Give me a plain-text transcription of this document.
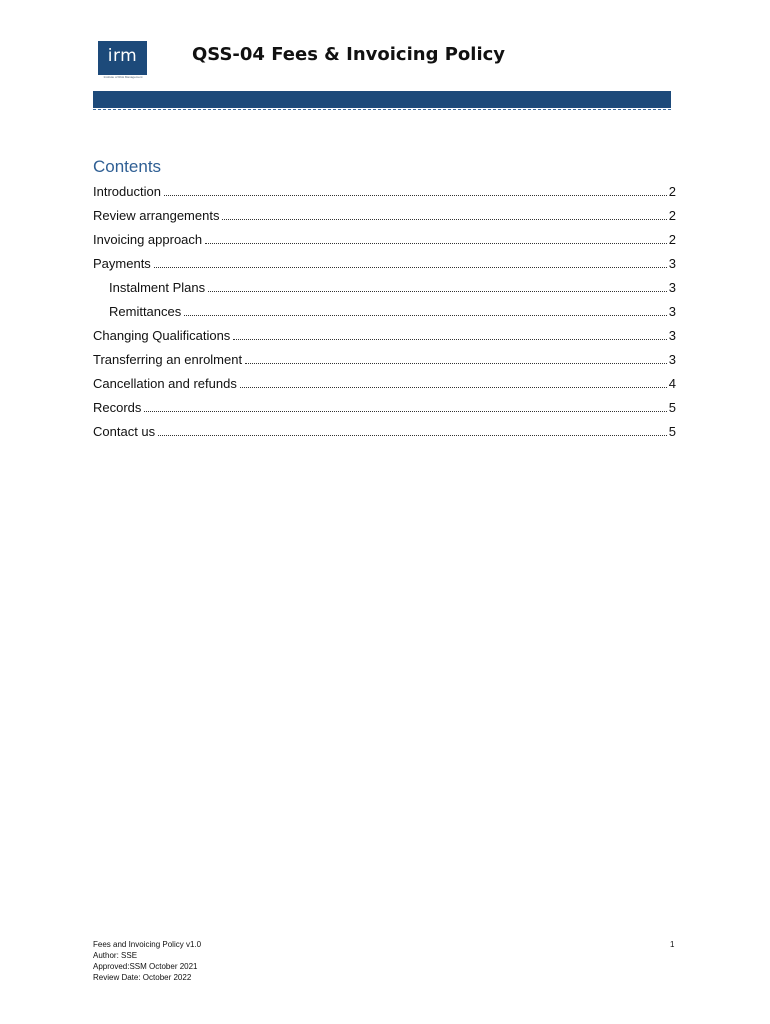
irm
Institute of Risk Management
QSS-04 Fees & Invoicing Policy
Contents
Introduction	2
Review arrangements	2
Invoicing approach	2
Payments	3
Instalment Plans	3
Remittances	3
Changing Qualifications	3
Transferring an enrolment	3
Cancellation and refunds	4
Records	5
Contact us	5
Fees and Invoicing Policy v1.0
Author: SSE
Approved:SSM October 2021
Review Date: October 2022
1
